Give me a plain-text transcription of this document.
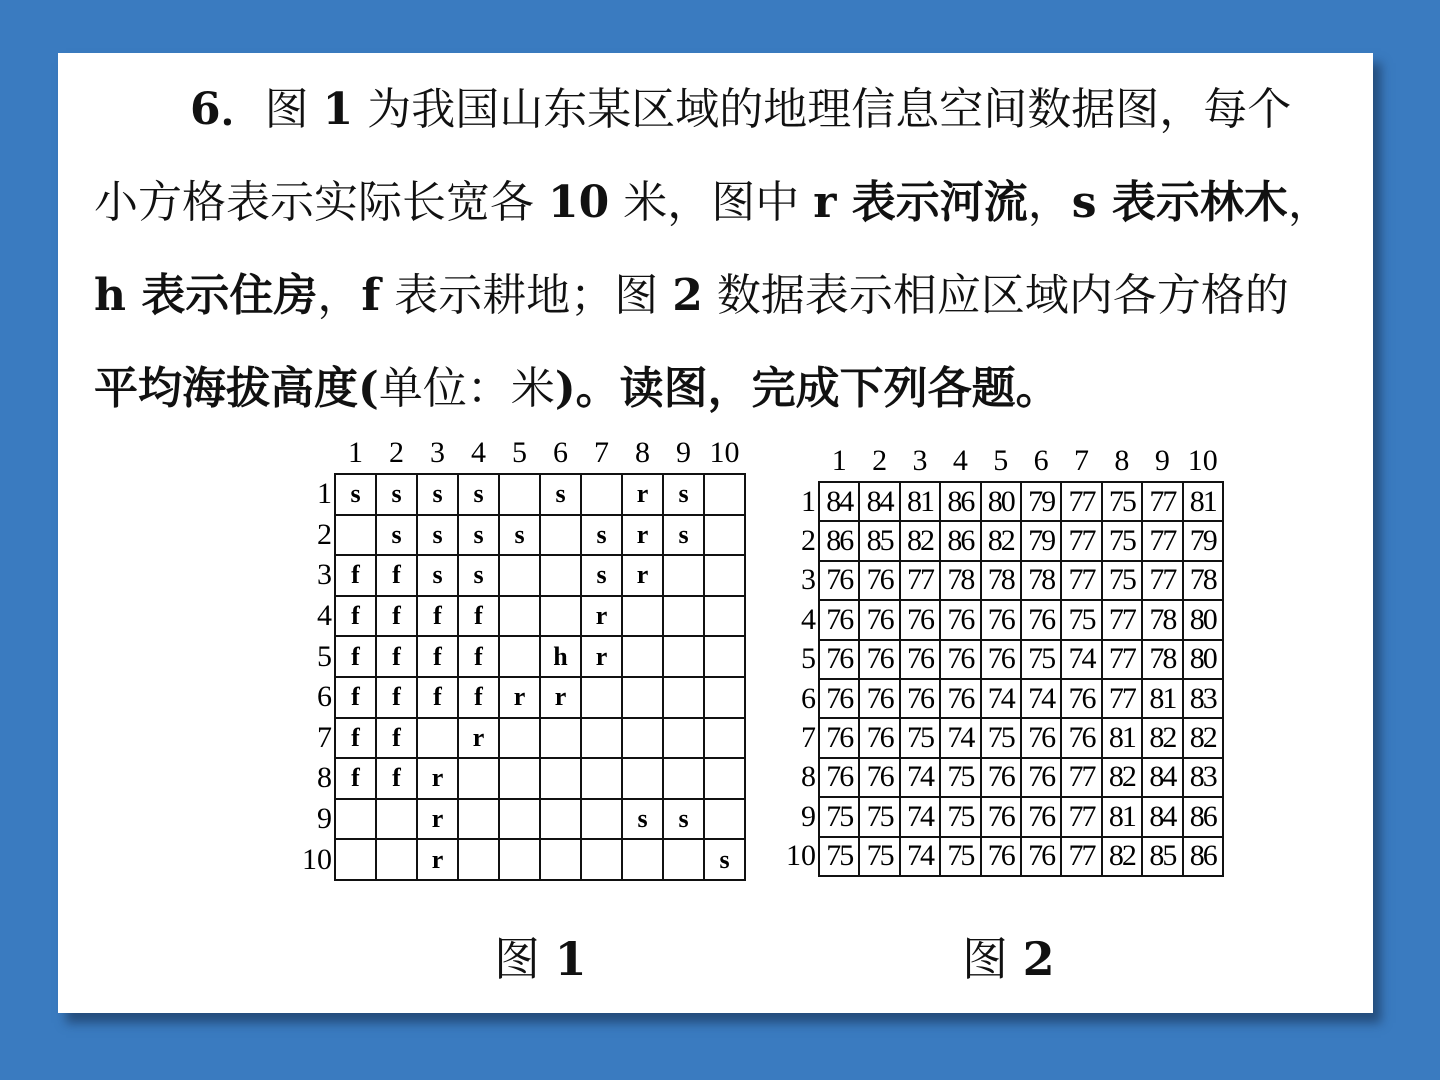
6．图 1 为我国山东某区域的地理信息空间数据图，每个
小方格表示实际长宽各 10 米，图中 r 表示河流，s 表示林木，
h 表示住房，f 表示耕地；图 2 数据表示相应区域内各方格的
平均海拔高度(单位：米)。读图，完成下列各题。
	1	2	3	4	5	6	7	8	9	10
1	s	s	s	s		s		r	s	
2		s	s	s	s		s	r	s	
3	f	f	s	s			s	r		
4	f	f	f	f			r			
5	f	f	f	f		h	r			
6	f	f	f	f	r	r				
7	f	f		r						
8	f	f	r							
9			r					s	s	
10			r							s
	1	2	3	4	5	6	7	8	9	10
1	84	84	81	86	80	79	77	75	77	81
2	86	85	82	86	82	79	77	75	77	79
3	76	76	77	78	78	78	77	75	77	78
4	76	76	76	76	76	76	75	77	78	80
5	76	76	76	76	76	75	74	77	78	80
6	76	76	76	76	74	74	76	77	81	83
7	76	76	75	74	75	76	76	81	82	82
8	76	76	74	75	76	76	77	82	84	83
9	75	75	74	75	76	76	77	81	84	86
10	75	75	74	75	76	76	77	82	85	86
图 1	图 2
